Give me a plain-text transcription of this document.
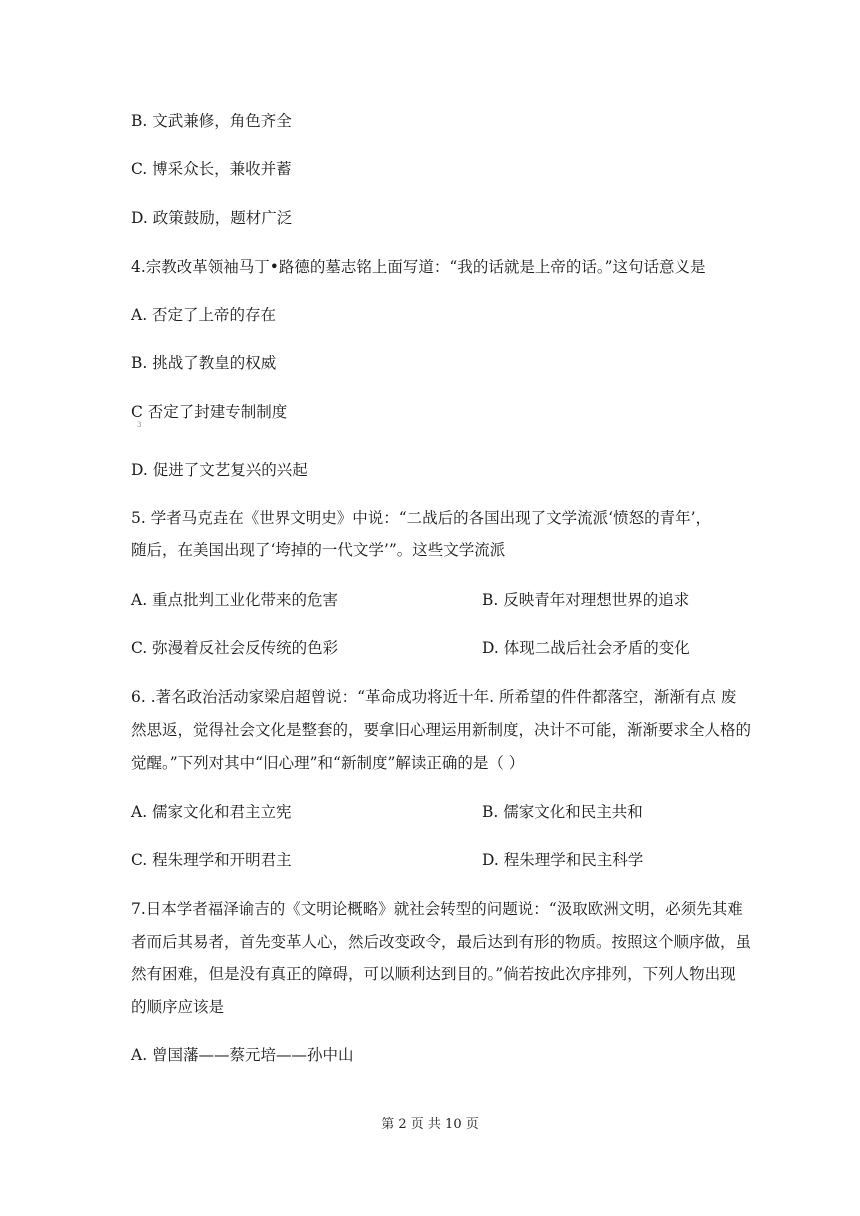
B. 文武兼修，角色齐全
C. 博采众长，兼收并蓄
D. 政策鼓励，题材广泛
4.宗教改革领袖马丁•路德的墓志铭上面写道：“我的话就是上帝的话。”这句话意义是
A. 否定了上帝的存在
B. 挑战了教皇的权威
C 否定了封建专制制度
3
D. 促进了文艺复兴的兴起
5. 学者马克垚在《世界文明史》中说：“二战后的各国出现了文学流派‘愤怒的青年’，
随后，在美国出现了‘垮掉的一代文学’”。这些文学流派
A. 重点批判工业化带来的危害	B. 反映青年对理想世界的追求
C. 弥漫着反社会反传统的色彩	D. 体现二战后社会矛盾的变化
6. .著名政治活动家梁启超曾说：“革命成功将近十年. 所希望的件件都落空，渐渐有点 废
然思返，觉得社会文化是整套的，要拿旧心理运用新制度，决计不可能，渐渐要求全人格的
觉醒。”下列对其中“旧心理”和“新制度”解读正确的是（ ）
A. 儒家文化和君主立宪	B. 儒家文化和民主共和
C. 程朱理学和开明君主	D. 程朱理学和民主科学
7.日本学者福泽谕吉的《文明论概略》就社会转型的问题说：“汲取欧洲文明，必须先其难
者而后其易者，首先变革人心，然后改变政令，最后达到有形的物质。按照这个顺序做，虽
然有困难，但是没有真正的障碍，可以顺利达到目的。”倘若按此次序排列，下列人物出现
的顺序应该是
A. 曾国藩——蔡元培——孙中山
第 2 页 共 10 页
